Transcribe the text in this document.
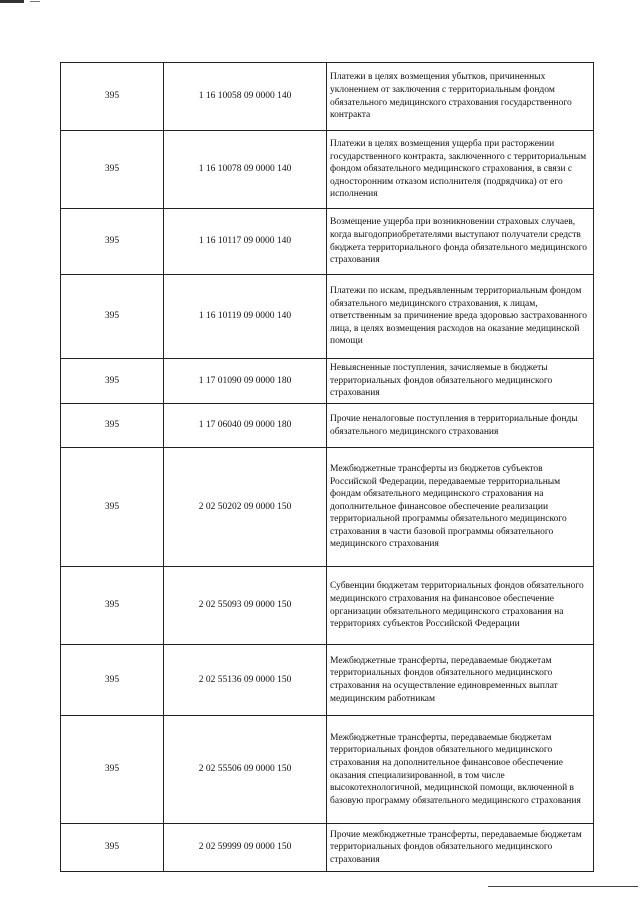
395	1 16 10058 09 0000 140	Платежи в целях возмещения убытков, причиненных уклонением от заключения с территориальным фондом обязательного медицинского страхования государственного контракта
395	1 16 10078 09 0000 140	Платежи в целях возмещения ущерба при расторжении государственного контракта, заключенного с территориальным фондом обязательного медицинского страхования, в связи с односторонним отказом исполнителя (подрядчика) от его исполнения
395	1 16 10117 09 0000 140	Возмещение ущерба при возникновении страховых случаев, когда выгодоприобретателями выступают получатели средств бюджета территориального фонда обязательного медицинского страхования
395	1 16 10119 09 0000 140	Платежи по искам, предъявленным территориальным фондом обязательного медицинского страхования, к лицам, ответственным за причинение вреда здоровью застрахованного лица, в целях возмещения расходов на оказание медицинской помощи
395	1 17 01090 09 0000 180	Невыясненные поступления, зачисляемые в бюджеты территориальных фондов обязательного медицинского страхования
395	1 17 06040 09 0000 180	Прочие неналоговые поступления в территориальные фонды обязательного медицинского страхования
395	2 02 50202 09 0000 150	Межбюджетные трансферты из бюджетов субъектов Российской Федерации, передаваемые территориальным фондам обязательного медицинского страхования на дополнительное финансовое обеспечение реализации территориальной программы обязательного медицинского страхования в части базовой программы обязательного медицинского страхования
395	2 02 55093 09 0000 150	Субвенции бюджетам территориальных фондов обязательного медицинского страхования на финансовое обеспечение организации обязательного медицинского страхования на территориях субъектов Российской Федерации
395	2 02 55136 09 0000 150	Межбюджетные трансферты, передаваемые бюджетам территориальных фондов обязательного медицинского страхования на осуществление единовременных выплат медицинским работникам
395	2 02 55506 09 0000 150	Межбюджетные трансферты, передаваемые бюджетам территориальных фондов обязательного медицинского страхования на дополнительное финансовое обеспечение оказания специализированной, в том числе высокотехнологичной, медицинской помощи, включенной в базовую программу обязательного медицинского страхования
395	2 02 59999 09 0000 150	Прочие межбюджетные трансферты, передаваемые бюджетам территориальных фондов обязательного медицинского страхования
